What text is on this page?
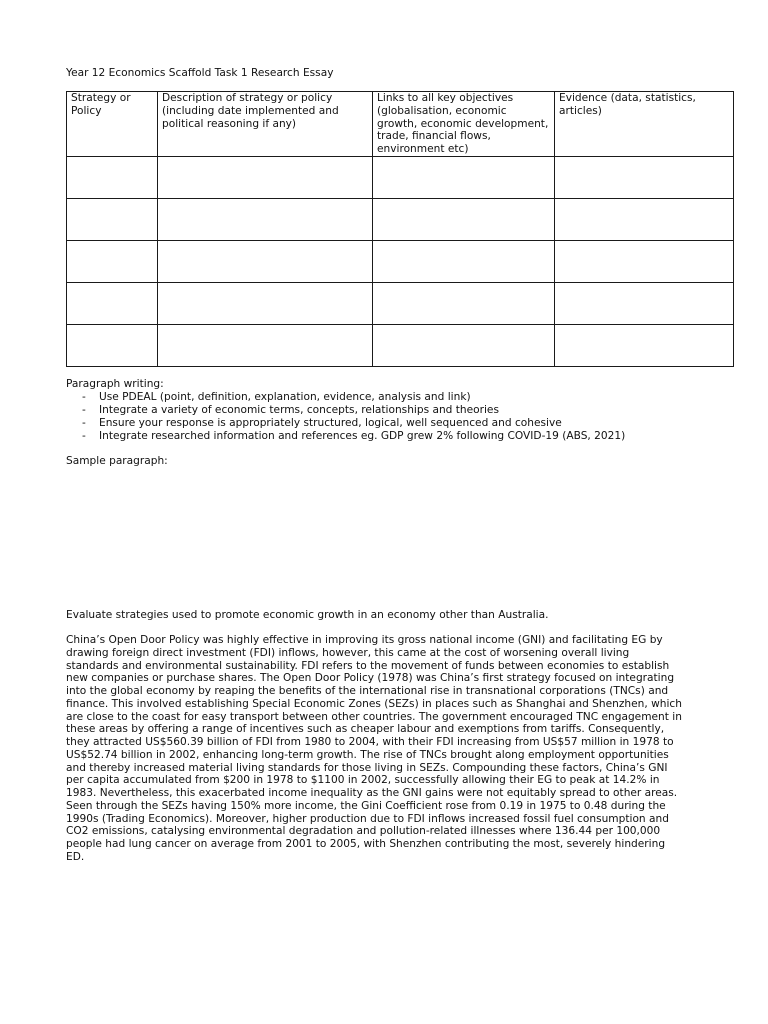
Year 12 Economics Scaffold Task 1 Research Essay
Strategy or Policy	Description of strategy or policy (including date implemented and political reasoning if any)	Links to all key objectives (globalisation, economic growth, economic development, trade, financial flows, environment etc)	Evidence (data, statistics, articles)

Paragraph writing:
- Use PDEAL (point, definition, explanation, evidence, analysis and link)
- Integrate a variety of economic terms, concepts, relationships and theories
- Ensure your response is appropriately structured, logical, well sequenced and cohesive
- Integrate researched information and references eg. GDP grew 2% following COVID-19 (ABS, 2021)
Sample paragraph:
Evaluate strategies used to promote economic growth in an economy other than Australia.
China’s Open Door Policy was highly effective in improving its gross national income (GNI) and facilitating EG by
drawing foreign direct investment (FDI) inflows, however, this came at the cost of worsening overall living
standards and environmental sustainability. FDI refers to the movement of funds between economies to establish
new companies or purchase shares. The Open Door Policy (1978) was China’s first strategy focused on integrating
into the global economy by reaping the benefits of the international rise in transnational corporations (TNCs) and
finance. This involved establishing Special Economic Zones (SEZs) in places such as Shanghai and Shenzhen, which
are close to the coast for easy transport between other countries. The government encouraged TNC engagement in
these areas by offering a range of incentives such as cheaper labour and exemptions from tariffs. Consequently,
they attracted US$560.39 billion of FDI from 1980 to 2004, with their FDI increasing from US$57 million in 1978 to
US$52.74 billion in 2002, enhancing long-term growth. The rise of TNCs brought along employment opportunities
and thereby increased material living standards for those living in SEZs. Compounding these factors, China’s GNI
per capita accumulated from $200 in 1978 to $1100 in 2002, successfully allowing their EG to peak at 14.2% in
1983. Nevertheless, this exacerbated income inequality as the GNI gains were not equitably spread to other areas.
Seen through the SEZs having 150% more income, the Gini Coefficient rose from 0.19 in 1975 to 0.48 during the
1990s (Trading Economics). Moreover, higher production due to FDI inflows increased fossil fuel consumption and
CO2 emissions, catalysing environmental degradation and pollution-related illnesses where 136.44 per 100,000
people had lung cancer on average from 2001 to 2005, with Shenzhen contributing the most, severely hindering
ED.
